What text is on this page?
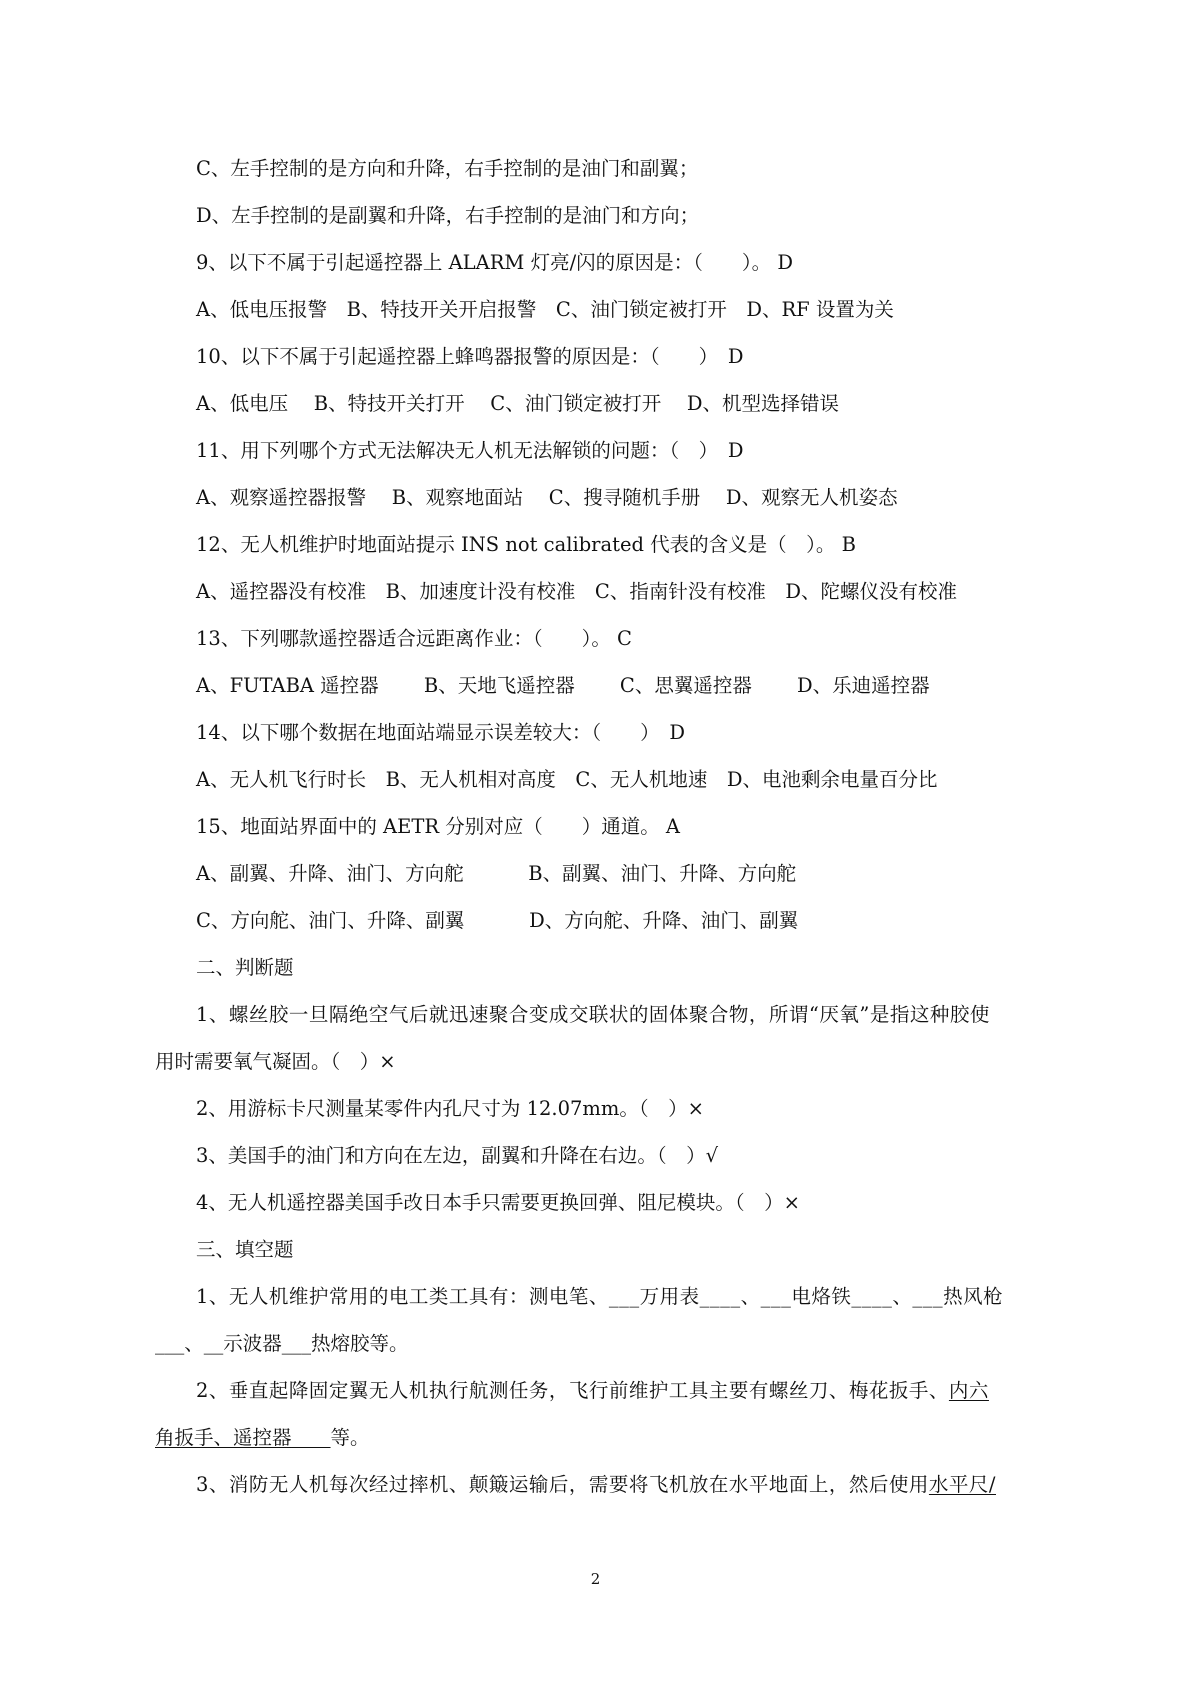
C、左手控制的是方向和升降，右手控制的是油门和副翼；
D、左手控制的是副翼和升降，右手控制的是油门和方向；
9、以下不属于引起遥控器上 ALARM 灯亮/闪的原因是：（　　）。 D
A、低电压报警　B、特技开关开启报警　C、油门锁定被打开　D、RF 设置为关
10、以下不属于引起遥控器上蜂鸣器报警的原因是：（　　）　D
A、低电压　 B、特技开关打开　 C、油门锁定被打开　 D、机型选择错误
11、用下列哪个方式无法解决无人机无法解锁的问题：（　）　D
A、观察遥控器报警　 B、观察地面站　 C、搜寻随机手册　 D、观察无人机姿态
12、无人机维护时地面站提示 INS not calibrated 代表的含义是（　）。 B
A、遥控器没有校准　B、加速度计没有校准　C、指南针没有校准　D、陀螺仪没有校准
13、下列哪款遥控器适合远距离作业：（　　）。 C
A、FUTABA 遥控器　　 B、天地飞遥控器　　 C、思翼遥控器　　 D、乐迪遥控器
14、以下哪个数据在地面站端显示误差较大：（　　）　D
A、无人机飞行时长　B、无人机相对高度　C、无人机地速　D、电池剩余电量百分比
15、地面站界面中的 AETR 分别对应（　　）通道。 A
A、副翼、升降、油门、方向舵　　　 B、副翼、油门、升降、方向舵
C、方向舵、油门、升降、副翼　　　 D、方向舵、升降、油门、副翼
二、判断题
1、螺丝胶一旦隔绝空气后就迅速聚合变成交联状的固体聚合物，所谓“厌氧”是指这种胶使
用时需要氧气凝固。（　）×
2、用游标卡尺测量某零件内孔尺寸为 12.07mm。（　）×
3、美国手的油门和方向在左边，副翼和升降在右边。（　）√
4、无人机遥控器美国手改日本手只需要更换回弹、阻尼模块。（　）×
三、填空题
1、无人机维护常用的电工类工具有：测电笔、___万用表____、___电烙铁____、___热风枪
___、__示波器___热熔胶等。
2、垂直起降固定翼无人机执行航测任务，飞行前维护工具主要有螺丝刀、梅花扳手、内六
角扳手、遥控器　　 等。
3、消防无人机每次经过摔机、颠簸运输后，需要将飞机放在水平地面上，然后使用水平尺/
2
